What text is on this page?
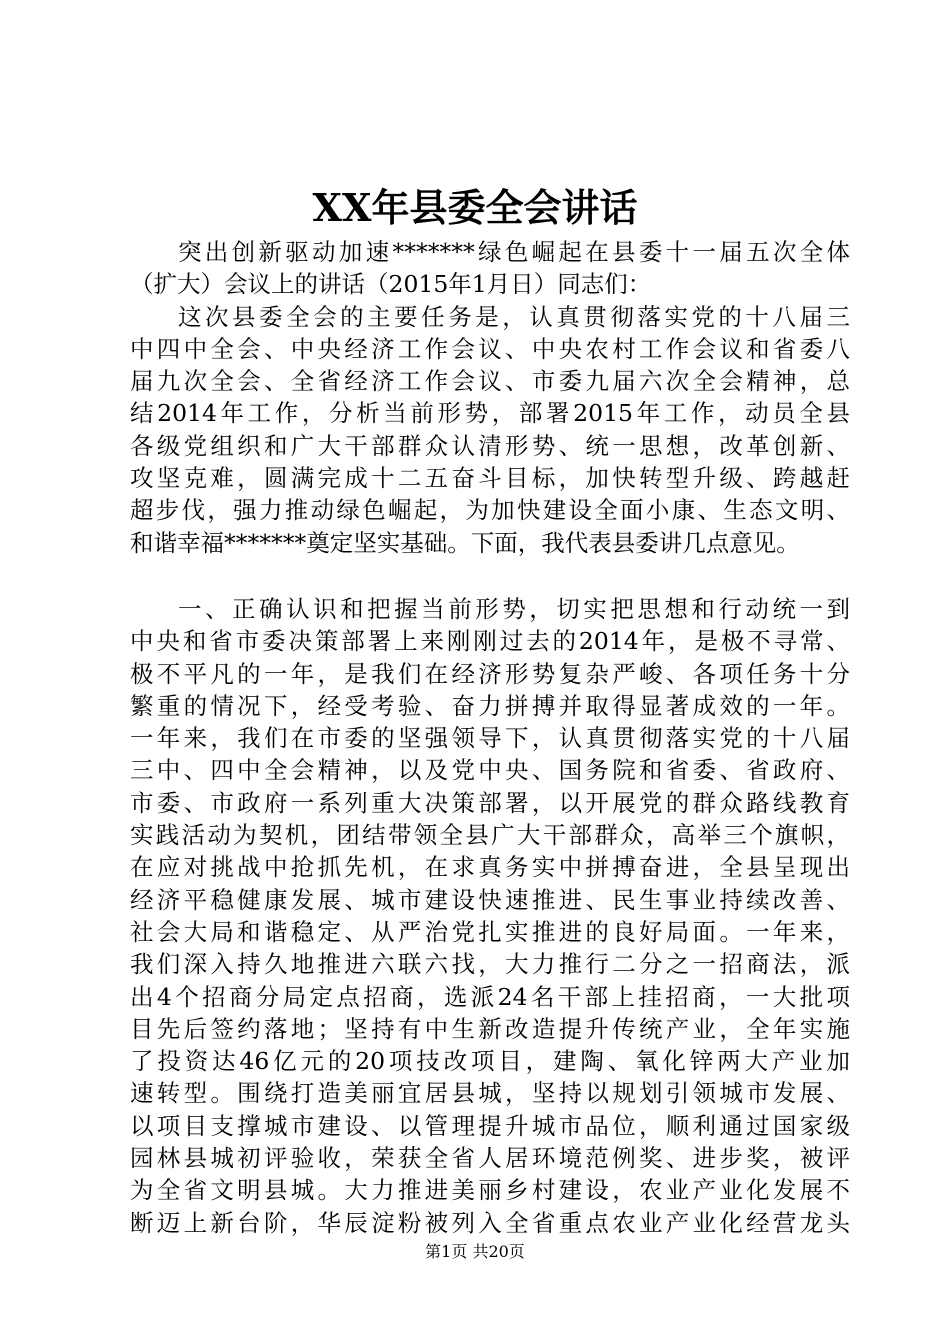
XX年县委全会讲话
突出创新驱动加速*******绿色崛起在县委十一届五次全体
（扩大）会议上的讲话（2015年1月日）同志们：
这次县委全会的主要任务是，认真贯彻落实党的十八届三
中四中全会、中央经济工作会议、中央农村工作会议和省委八
届九次全会、全省经济工作会议、市委九届六次全会精神，总
结2014年工作，分析当前形势，部署2015年工作，动员全县
各级党组织和广大干部群众认清形势、统一思想，改革创新、
攻坚克难，圆满完成十二五奋斗目标，加快转型升级、跨越赶
超步伐，强力推动绿色崛起，为加快建设全面小康、生态文明、
和谐幸福*******奠定坚实基础。下面，我代表县委讲几点意见。
一、正确认识和把握当前形势，切实把思想和行动统一到
中央和省市委决策部署上来刚刚过去的2014年，是极不寻常、
极不平凡的一年，是我们在经济形势复杂严峻、各项任务十分
繁重的情况下，经受考验、奋力拼搏并取得显著成效的一年。
一年来，我们在市委的坚强领导下，认真贯彻落实党的十八届
三中、四中全会精神，以及党中央、国务院和省委、省政府、
市委、市政府一系列重大决策部署，以开展党的群众路线教育
实践活动为契机，团结带领全县广大干部群众，高举三个旗帜，
在应对挑战中抢抓先机，在求真务实中拼搏奋进，全县呈现出
经济平稳健康发展、城市建设快速推进、民生事业持续改善、
社会大局和谐稳定、从严治党扎实推进的良好局面。一年来，
我们深入持久地推进六联六找，大力推行二分之一招商法，派
出4个招商分局定点招商，选派24名干部上挂招商，一大批项
目先后签约落地；坚持有中生新改造提升传统产业，全年实施
了投资达46亿元的20项技改项目，建陶、氧化锌两大产业加
速转型。围绕打造美丽宜居县城，坚持以规划引领城市发展、
以项目支撑城市建设、以管理提升城市品位，顺利通过国家级
园林县城初评验收，荣获全省人居环境范例奖、进步奖，被评
为全省文明县城。大力推进美丽乡村建设，农业产业化发展不
断迈上新台阶，华辰淀粉被列入全省重点农业产业化经营龙头
第1页 共20页
